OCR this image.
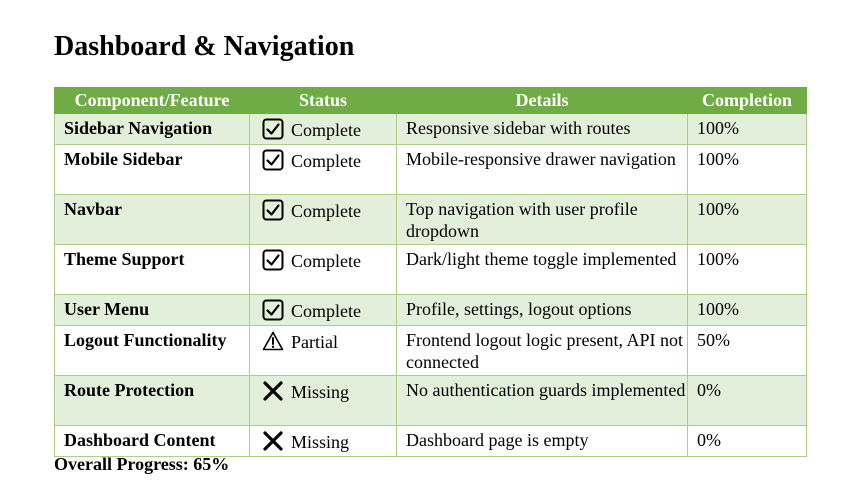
Dashboard & Navigation
Component/Feature	Status	Details	Completion
Sidebar Navigation	Complete	Responsive sidebar with routes	100%
Mobile Sidebar	Complete	Mobile-responsive drawer navigation	100%
Navbar	Complete	Top navigation with user profile dropdown	100%
Theme Support	Complete	Dark/light theme toggle implemented	100%
User Menu	Complete	Profile, settings, logout options	100%
Logout Functionality	Partial	Frontend logout logic present, API not connected	50%
Route Protection	Missing	No authentication guards implemented	0%
Dashboard Content	Missing	Dashboard page is empty	0%

Overall Progress: 65%
